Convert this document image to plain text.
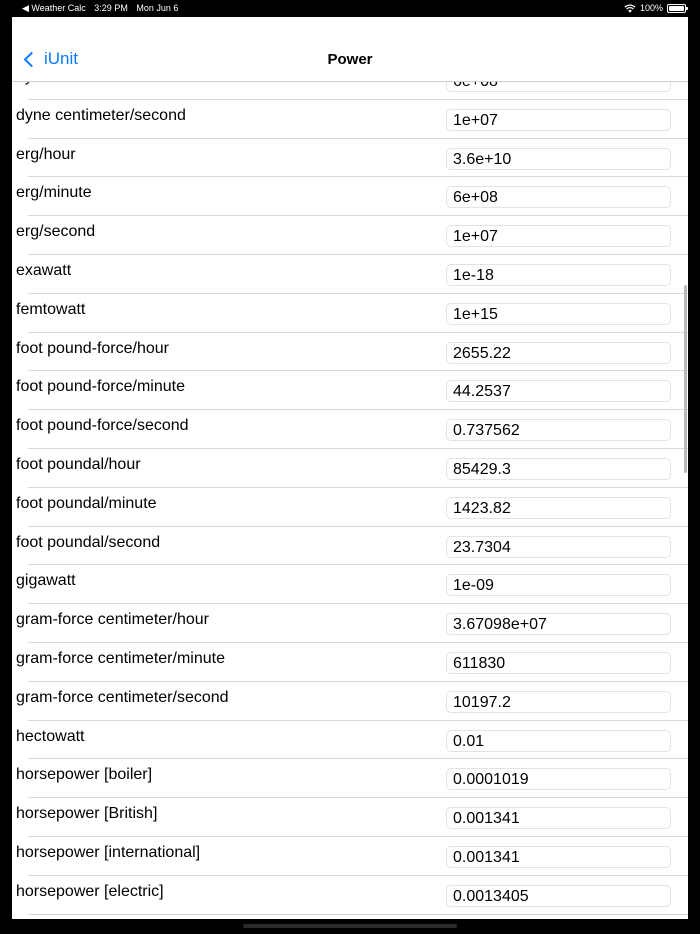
◀ Weather Calc 3:29 PM Mon Jun 6	100%
iUnit	Power
6e+08
dyne centimeter/second
1e+07
erg/hour
3.6e+10
erg/minute
6e+08
erg/second
1e+07
exawatt
1e-18
femtowatt
1e+15
foot pound-force/hour
2655.22
foot pound-force/minute
44.2537
foot pound-force/second
0.737562
foot poundal/hour
85429.3
foot poundal/minute
1423.82
foot poundal/second
23.7304
gigawatt
1e-09
gram-force centimeter/hour
3.67098e+07
gram-force centimeter/minute
611830
gram-force centimeter/second
10197.2
hectowatt
0.01
horsepower [boiler]
0.0001019
horsepower [British]
0.001341
horsepower [international]
0.001341
horsepower [electric]
0.0013405
